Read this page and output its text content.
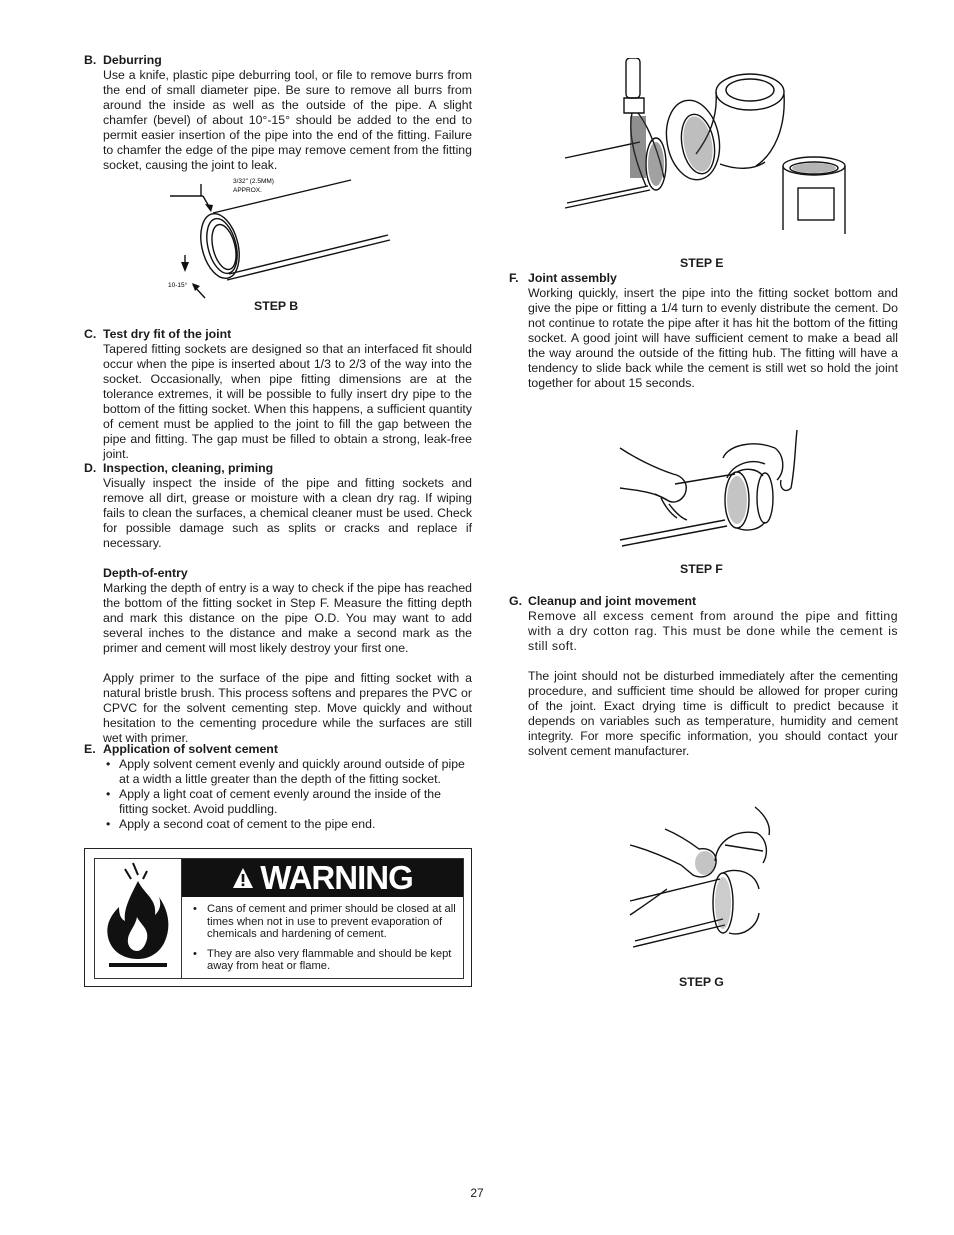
B. Deburring

Use a knife, plastic pipe deburring tool, or file to remove burrs from the end of small diameter pipe. Be sure to remove all burrs from around the inside as well as the outside of the pipe. A slight chamfer (bevel) of about 10°-15° should be added to the end to permit easier insertion of the pipe into the end of the fitting. Failure to chamfer the edge of the pipe may remove cement from the fitting socket, causing the joint to leak.

3/32" (2.5MM)
APPROX.
10-15°
STEP B

C. Test dry fit of the joint

Tapered fitting sockets are designed so that an interfaced fit should occur when the pipe is inserted about 1/3 to 2/3 of the way into the socket. Occasionally, when pipe fitting dimensions are at the tolerance extremes, it will be possible to fully insert dry pipe to the bottom of the fitting socket. When this happens, a sufficient quantity of cement must be applied to the joint to fill the gap between the pipe and fitting. The gap must be filled to obtain a strong, leak-free joint.

D. Inspection, cleaning, priming

Visually inspect the inside of the pipe and fitting sockets and remove all dirt, grease or moisture with a clean dry rag. If wiping fails to clean the surfaces, a chemical cleaner must be used. Check for possible damage such as splits or cracks and replace if necessary.

Depth-of-entry

Marking the depth of entry is a way to check if the pipe has reached the bottom of the fitting socket in Step F. Measure the fitting depth and mark this distance on the pipe O.D. You may want to add several inches to the distance and make a second mark as the primer and cement will most likely destroy your first one.

Apply primer to the surface of the pipe and fitting socket with a natural bristle brush. This process softens and prepares the PVC or CPVC for the solvent cementing step. Move quickly and without hesitation to the cementing procedure while the surfaces are still wet with primer.

E. Application of solvent cement

• Apply solvent cement evenly and quickly around outside of pipe at a width a little greater than the depth of the fitting socket.
• Apply a light coat of cement evenly around the inside of the fitting socket. Avoid puddling.
• Apply a second coat of cement to the pipe end.
WARNING
• Cans of cement and primer should be closed at all times when not in use to prevent evaporation of chemicals and hardening of cement.
• They are also very flammable and should be kept away from heat or flame.
STEP E

F. Joint assembly

Working quickly, insert the pipe into the fitting socket bottom and give the pipe or fitting a 1/4 turn to evenly distribute the cement. Do not continue to rotate the pipe after it has hit the bottom of the fitting socket. A good joint will have sufficient cement to make a bead all the way around the outside of the fitting hub. The fitting will have a tendency to slide back while the cement is still wet so hold the joint together for about 15 seconds.

STEP F

G. Cleanup and joint movement

Remove all excess cement from around the pipe and fitting with a dry cotton rag. This must be done while the cement is still soft.

The joint should not be disturbed immediately after the cementing procedure, and sufficient time should be allowed for proper curing of the joint. Exact drying time is difficult to predict because it depends on variables such as temperature, humidity and cement integrity. For more specific information, you should contact your solvent cement manufacturer.

STEP G
27
